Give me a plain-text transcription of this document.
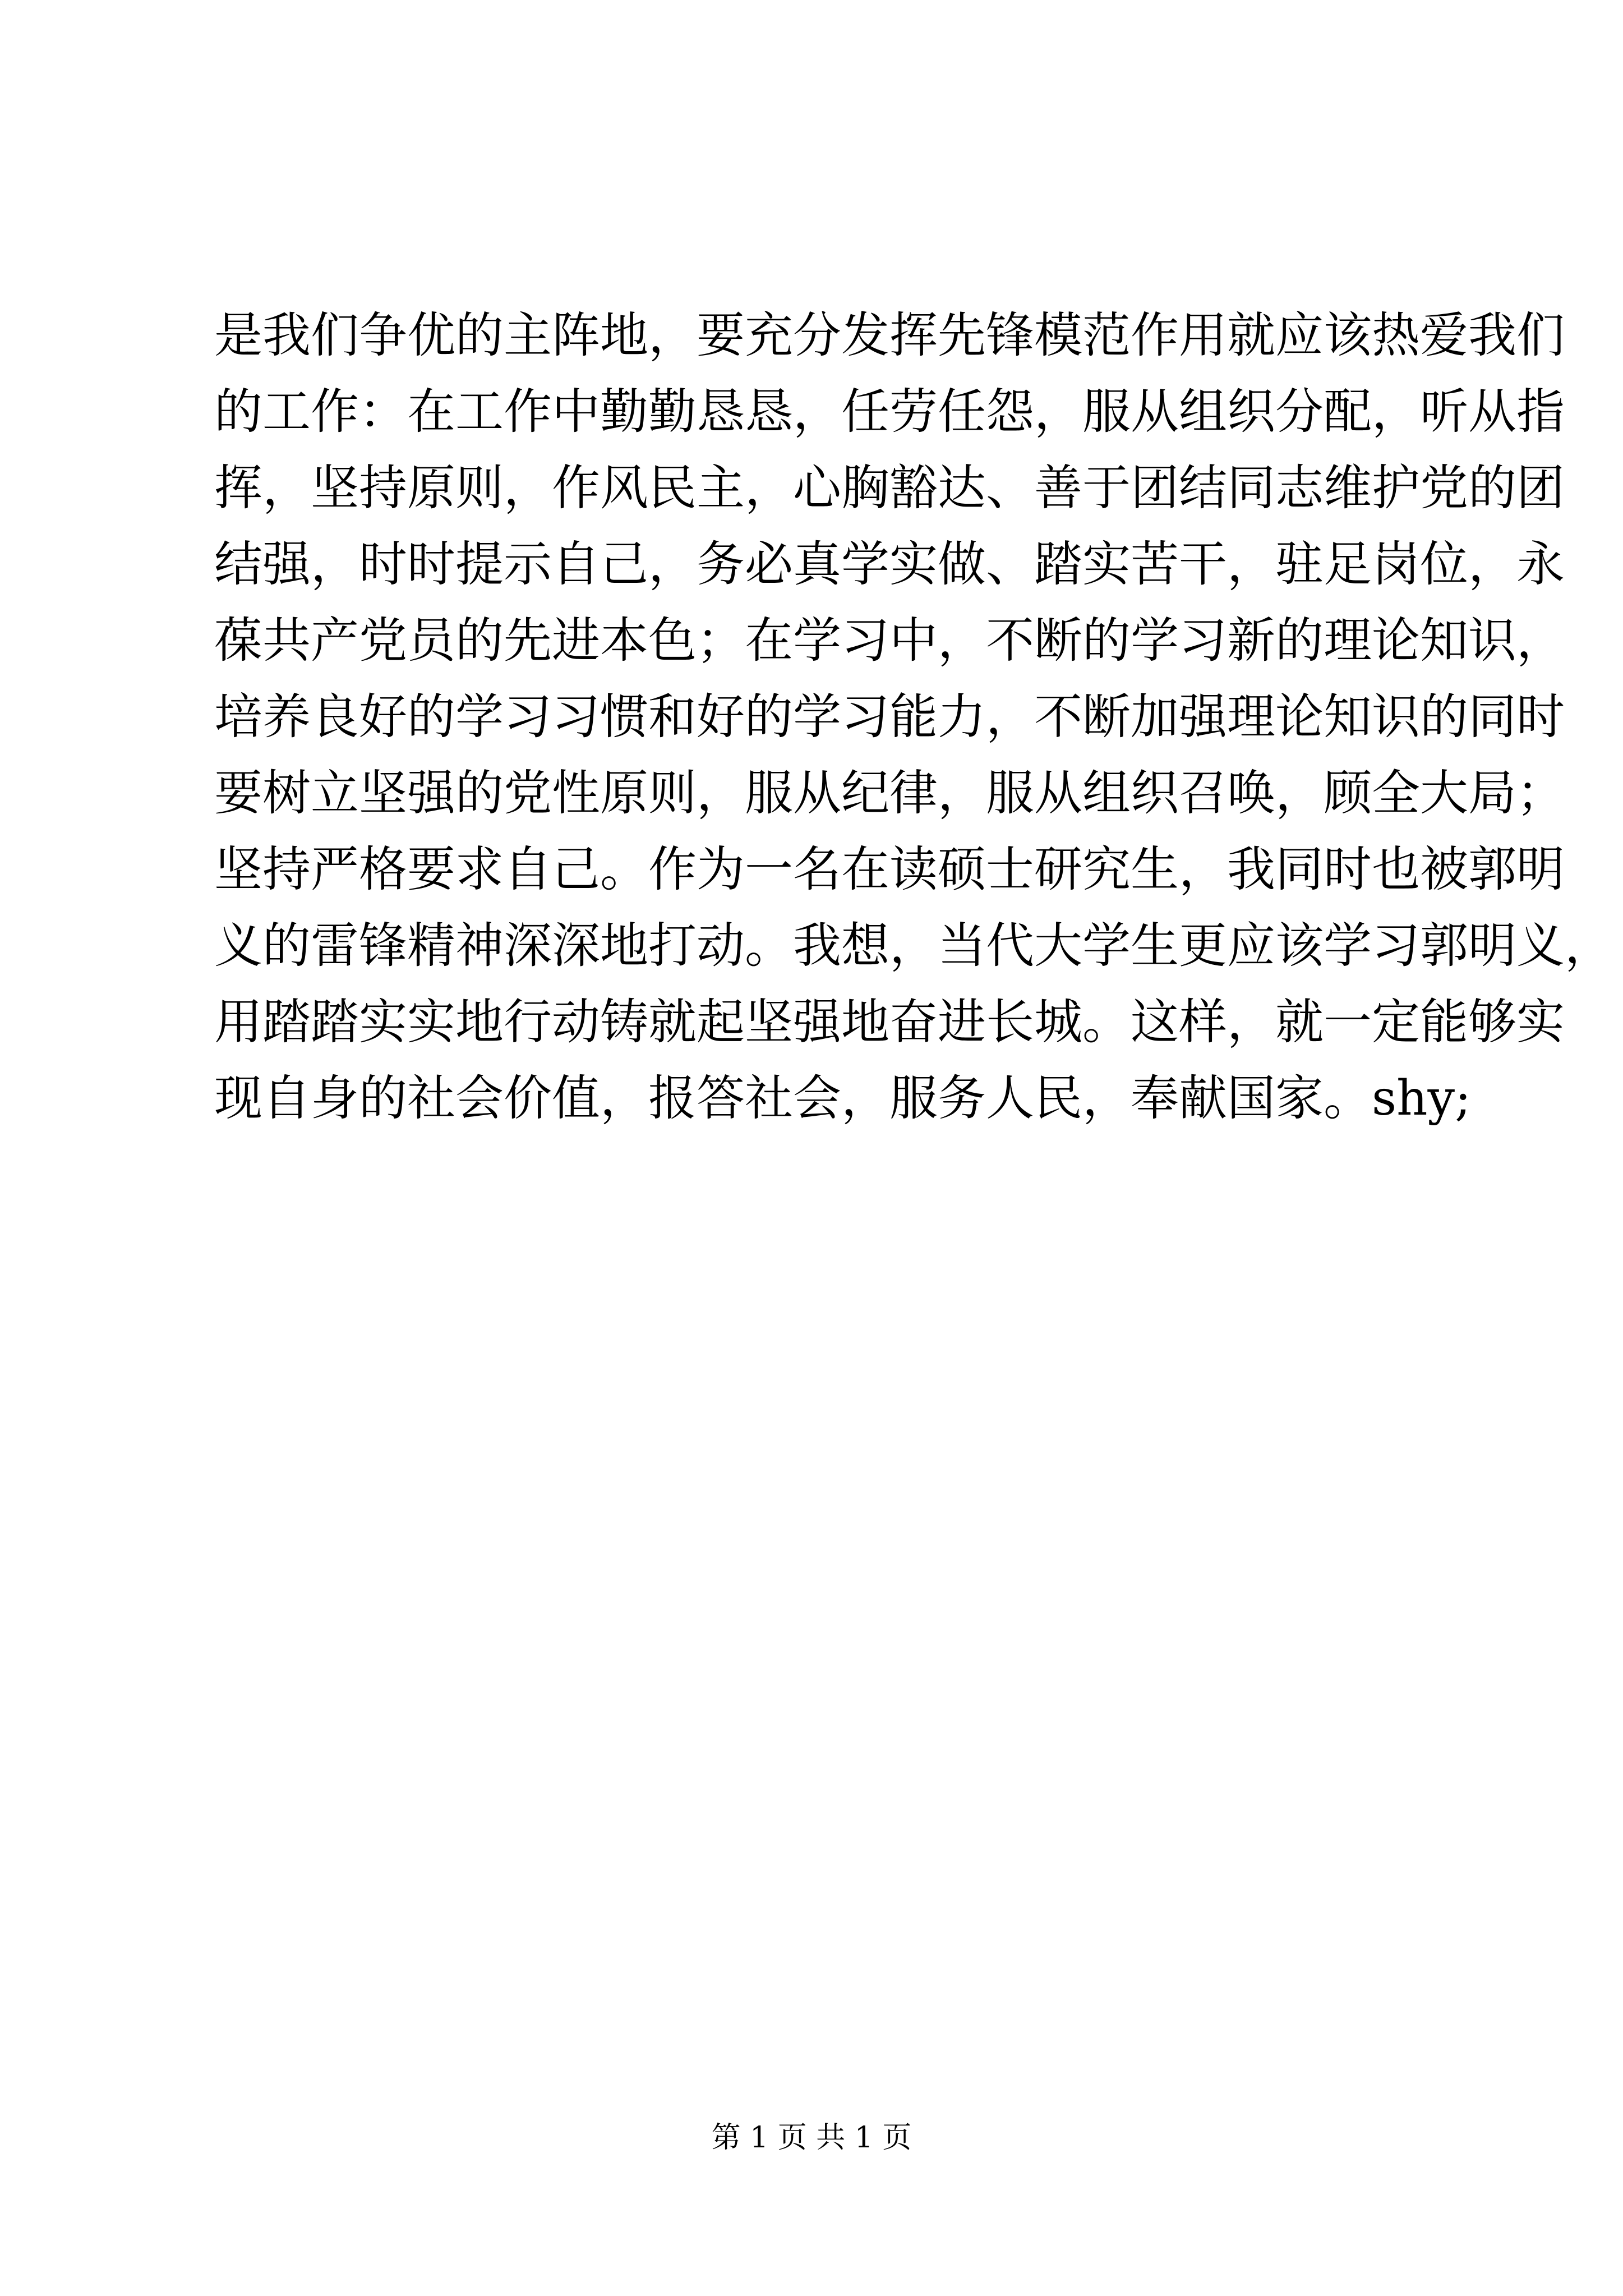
是我们争优的主阵地，要充分发挥先锋模范作用就应该热爱我们
的工作：在工作中勤勤恳恳，任劳任怨，服从组织分配，听从指
挥，坚持原则，作风民主，心胸豁达、善于团结同志维护党的团
结强，时时提示自己，务必真学实做、踏实苦干，驻足岗位，永
葆共产党员的先进本色；在学习中，不断的学习新的理论知识，
培养良好的学习习惯和好的学习能力，不断加强理论知识的同时
要树立坚强的党性原则，服从纪律，服从组织召唤，顾全大局；
坚持严格要求自己。作为一名在读硕士研究生，我同时也被郭明
义的雷锋精神深深地打动。我想，当代大学生更应该学习郭明义，
用踏踏实实地行动铸就起坚强地奋进长城。这样，就一定能够实
现自身的社会价值，报答社会，服务人民，奉献国家。shy;
第 1 页 共 1 页
